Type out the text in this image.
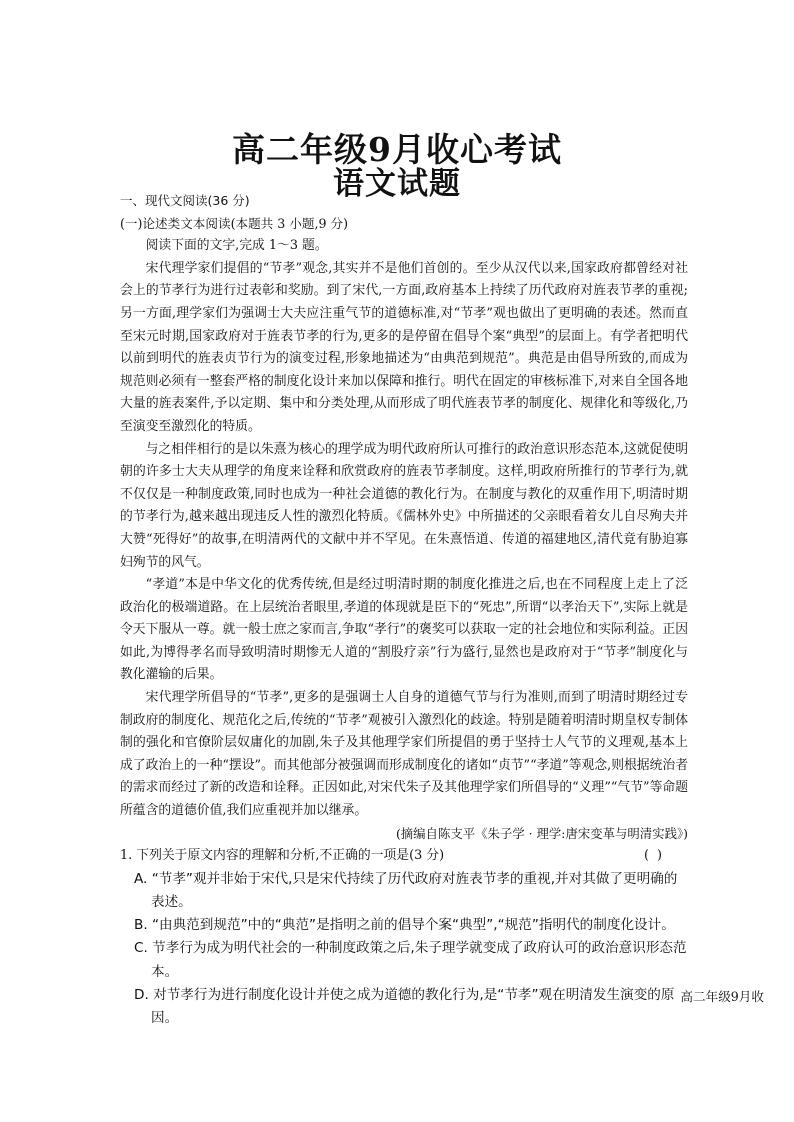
高二年级9月收心考试
语文试题

一、现代文阅读(36 分)

(一)论述类文本阅读(本题共 3 小题,9 分)

阅读下面的文字,完成 1～3 题。

宋代理学家们提倡的“节孝”观念,其实并不是他们首创的。至少从汉代以来,国家政府都曾经对社会上的节孝行为进行过表彰和奖励。到了宋代,一方面,政府基本上持续了历代政府对旌表节孝的重视;另一方面,理学家们为强调士大夫应注重气节的道德标准,对“节孝”观也做出了更明确的表述。然而直至宋元时期,国家政府对于旌表节孝的行为,更多的是停留在倡导个案“典型”的层面上。有学者把明代以前到明代的旌表贞节行为的演变过程,形象地描述为“由典范到规范”。典范是由倡导所致的,而成为规范则必须有一整套严格的制度化设计来加以保障和推行。明代在固定的审核标准下,对来自全国各地大量的旌表案件,予以定期、集中和分类处理,从而形成了明代旌表节孝的制度化、规律化和等级化,乃至演变至激烈化的特质。

与之相伴相行的是以朱熹为核心的理学成为明代政府所认可推行的政治意识形态范本,这就促使明朝的许多士大夫从理学的角度来诠释和欣赏政府的旌表节孝制度。这样,明政府所推行的节孝行为,就不仅仅是一种制度政策,同时也成为一种社会道德的教化行为。在制度与教化的双重作用下,明清时期的节孝行为,越来越出现违反人性的激烈化特质。《儒林外史》中所描述的父亲眼看着女儿自尽殉夫并大赞“死得好”的故事,在明清两代的文献中并不罕见。在朱熹悟道、传道的福建地区,清代竟有胁迫寡妇殉节的风气。

“孝道”本是中华文化的优秀传统,但是经过明清时期的制度化推进之后,也在不同程度上走上了泛政治化的极端道路。在上层统治者眼里,孝道的体现就是臣下的“死忠”,所谓“以孝治天下”,实际上就是令天下服从一尊。就一般士庶之家而言,争取“孝行”的褒奖可以获取一定的社会地位和实际利益。正因如此,为博得孝名而导致明清时期惨无人道的“割股疗亲”行为盛行,显然也是政府对于“节孝”制度化与教化灌输的后果。

宋代理学所倡导的“节孝”,更多的是强调士人自身的道德气节与行为准则,而到了明清时期经过专制政府的制度化、规范化之后,传统的“节孝”观被引入激烈化的歧途。特别是随着明清时期皇权专制体制的强化和官僚阶层奴庸化的加剧,朱子及其他理学家们所提倡的勇于坚持士人气节的义理观,基本上成了政治上的一种“摆设”。而其他部分被强调而形成制度化的诸如“贞节”“孝道”等观念,则根据统治者的需求而经过了新的改造和诠释。正因如此,对宋代朱子及其他理学家们所倡导的“义理”“气节”等命题所蕴含的道德价值,我们应重视并加以继承。

(摘编自陈支平《朱子学 · 理学:唐宋变革与明清实践》)

1. 下列关于原文内容的理解和分析,不正确的一项是(3 分)	( )

A. “节孝”观并非始于宋代,只是宋代持续了历代政府对旌表节孝的重视,并对其做了更明确的表述。

B. “由典范到规范”中的“典范”是指明之前的倡导个案“典型”,“规范”指明代的制度化设计。

C. 节孝行为成为明代社会的一种制度政策之后,朱子理学就变成了政府认可的政治意识形态范本。

D. 对节孝行为进行制度化设计并使之成为道德的教化行为,是“节孝”观在明清发生演变的原因。

高二年级9月收
